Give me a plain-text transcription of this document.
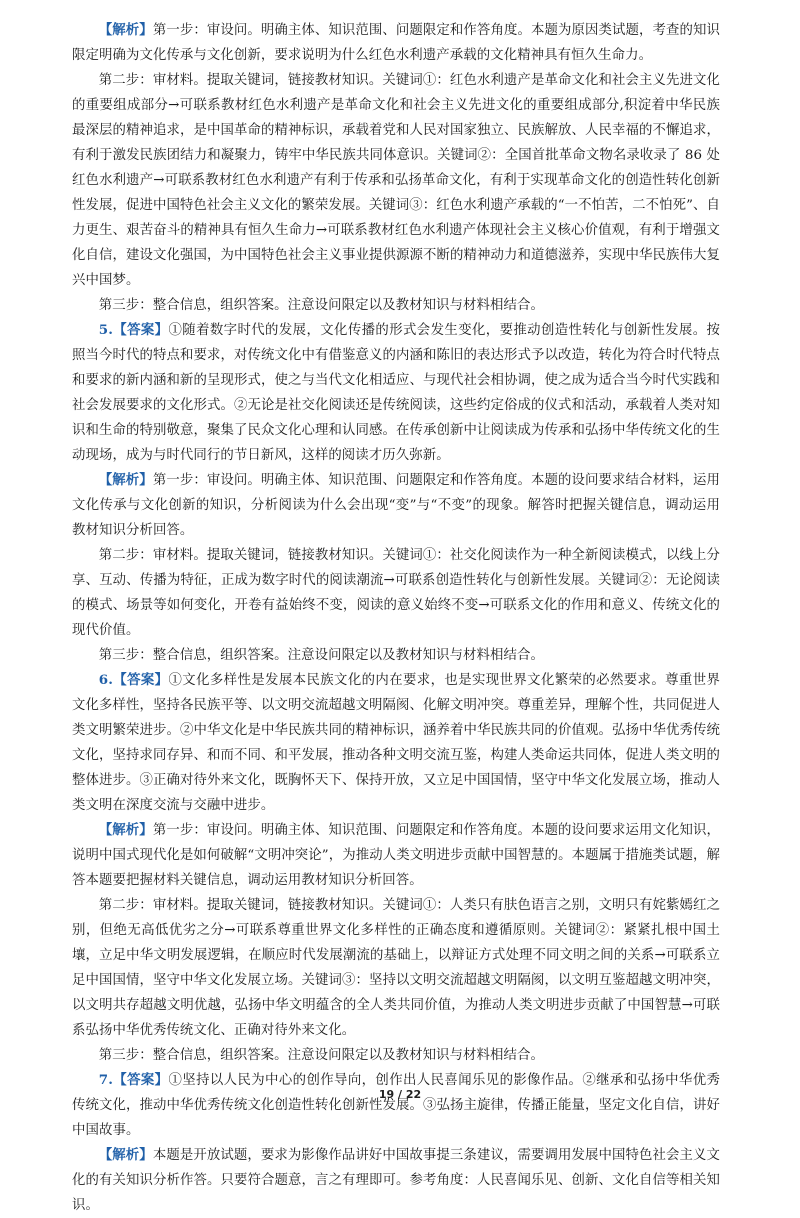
【解析】第一步：审设问。明确主体、知识范围、问题限定和作答角度。本题为原因类试题，考查的知识限定明确为文化传承与文化创新，要求说明为什么红色水利遗产承载的文化精神具有恒久生命力。

第二步：审材料。提取关键词，链接教材知识。关键词①：红色水利遗产是革命文化和社会主义先进文化的重要组成部分→可联系教材红色水利遗产是革命文化和社会主义先进文化的重要组成部分,积淀着中华民族最深层的精神追求，是中国革命的精神标识，承载着党和人民对国家独立、民族解放、人民幸福的不懈追求，有利于激发民族团结力和凝聚力，铸牢中华民族共同体意识。关键词②：全国首批革命文物名录收录了 86 处红色水利遗产→可联系教材红色水利遗产有利于传承和弘扬革命文化，有利于实现革命文化的创造性转化创新性发展，促进中国特色社会主义文化的繁荣发展。关键词③：红色水利遗产承载的“一不怕苦，二不怕死”、自力更生、艰苦奋斗的精神具有恒久生命力→可联系教材红色水利遗产体现社会主义核心价值观，有利于增强文化自信，建设文化强国，为中国特色社会主义事业提供源源不断的精神动力和道德滋养，实现中华民族伟大复兴中国梦。

第三步：整合信息，组织答案。注意设问限定以及教材知识与材料相结合。

5.【答案】①随着数字时代的发展，文化传播的形式会发生变化，要推动创造性转化与创新性发展。按照当今时代的特点和要求，对传统文化中有借鉴意义的内涵和陈旧的表达形式予以改造，转化为符合时代特点和要求的新内涵和新的呈现形式，使之与当代文化相适应、与现代社会相协调，使之成为适合当今时代实践和社会发展要求的文化形式。②无论是社交化阅读还是传统阅读，这些约定俗成的仪式和活动，承载着人类对知识和生命的特别敬意，聚集了民众文化心理和认同感。在传承创新中让阅读成为传承和弘扬中华传统文化的生动现场，成为与时代同行的节日新风，这样的阅读才历久弥新。

【解析】第一步：审设问。明确主体、知识范围、问题限定和作答角度。本题的设问要求结合材料，运用文化传承与文化创新的知识，分析阅读为什么会出现“变”与“不变”的现象。解答时把握关键信息，调动运用教材知识分析回答。

第二步：审材料。提取关键词，链接教材知识。关键词①：社交化阅读作为一种全新阅读模式，以线上分享、互动、传播为特征，正成为数字时代的阅读潮流→可联系创造性转化与创新性发展。关键词②：无论阅读的模式、场景等如何变化，开卷有益始终不变，阅读的意义始终不变→可联系文化的作用和意义、传统文化的现代价值。

第三步：整合信息，组织答案。注意设问限定以及教材知识与材料相结合。

6.【答案】①文化多样性是发展本民族文化的内在要求，也是实现世界文化繁荣的必然要求。尊重世界文化多样性，坚持各民族平等、以文明交流超越文明隔阂、化解文明冲突。尊重差异，理解个性，共同促进人类文明繁荣进步。②中华文化是中华民族共同的精神标识，涵养着中华民族共同的价值观。弘扬中华优秀传统文化，坚持求同存异、和而不同、和平发展，推动各种文明交流互鉴，构建人类命运共同体，促进人类文明的整体进步。③正确对待外来文化，既胸怀天下、保持开放，又立足中国国情，坚守中华文化发展立场，推动人类文明在深度交流与交融中进步。

【解析】第一步：审设问。明确主体、知识范围、问题限定和作答角度。本题的设问要求运用文化知识，说明中国式现代化是如何破解“文明冲突论”，为推动人类文明进步贡献中国智慧的。本题属于措施类试题，解答本题要把握材料关键信息，调动运用教材知识分析回答。

第二步：审材料。提取关键词，链接教材知识。关键词①：人类只有肤色语言之别，文明只有姹紫嫣红之别，但绝无高低优劣之分→可联系尊重世界文化多样性的正确态度和遵循原则。关键词②：紧紧扎根中国土壤，立足中华文明发展逻辑，在顺应时代发展潮流的基础上，以辩证方式处理不同文明之间的关系→可联系立足中国国情，坚守中华文化发展立场。关键词③：坚持以文明交流超越文明隔阂，以文明互鉴超越文明冲突，以文明共存超越文明优越，弘扬中华文明蕴含的全人类共同价值，为推动人类文明进步贡献了中国智慧→可联系弘扬中华优秀传统文化、正确对待外来文化。

第三步：整合信息，组织答案。注意设问限定以及教材知识与材料相结合。

7.【答案】①坚持以人民为中心的创作导向，创作出人民喜闻乐见的影像作品。②继承和弘扬中华优秀传统文化，推动中华优秀传统文化创造性转化创新性发展。③弘扬主旋律，传播正能量，坚定文化自信，讲好中国故事。

【解析】本题是开放试题，要求为影像作品讲好中国故事提三条建议，需要调用发展中国特色社会主义文化的有关知识分析作答。只要符合题意，言之有理即可。参考角度：人民喜闻乐见、创新、文化自信等相关知识。

19 / 22
